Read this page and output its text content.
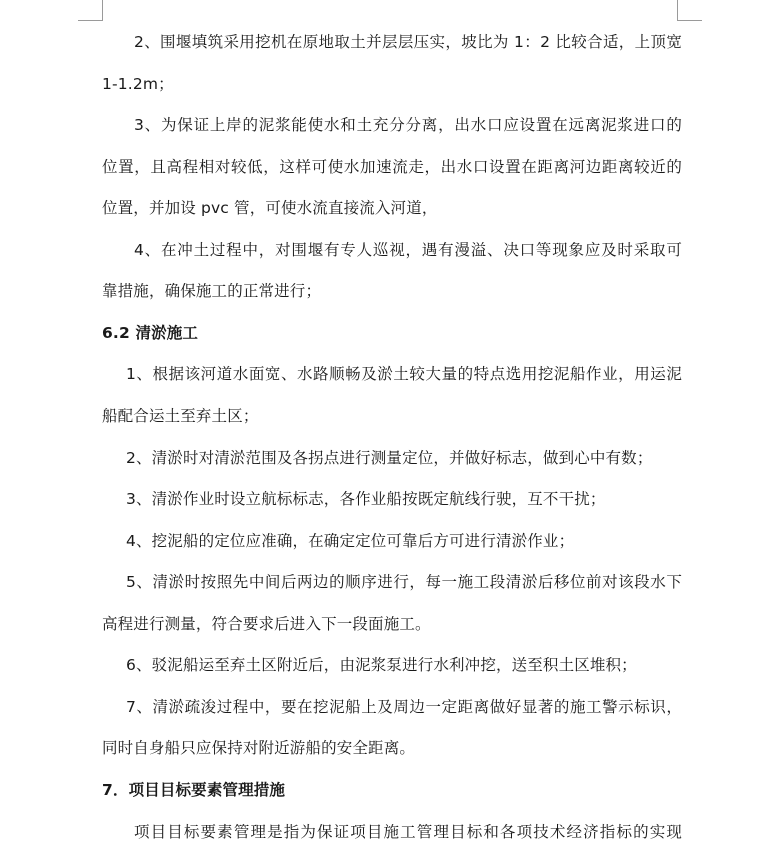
2、围堰填筑采用挖机在原地取土并层层压实，坡比为 1：2 比较合适，上顶宽
1-1.2m；
3、为保证上岸的泥浆能使水和土充分分离，出水口应设置在远离泥浆进口的
位置，且高程相对较低，这样可使水加速流走，出水口设置在距离河边距离较近的
位置，并加设 pvc 管，可使水流直接流入河道，
4、在冲土过程中，对围堰有专人巡视，遇有漫溢、决口等现象应及时采取可
靠措施，确保施工的正常进行；
6.2 清淤施工
1、根据该河道水面宽、水路顺畅及淤土较大量的特点选用挖泥船作业，用运泥
船配合运土至弃土区；
2、清淤时对清淤范围及各拐点进行测量定位，并做好标志，做到心中有数；
3、清淤作业时设立航标标志，各作业船按既定航线行驶，互不干扰；
4、挖泥船的定位应准确，在确定定位可靠后方可进行清淤作业；
5、清淤时按照先中间后两边的顺序进行，每一施工段清淤后移位前对该段水下
高程进行测量，符合要求后进入下一段面施工。
6、驳泥船运至弃土区附近后，由泥浆泵进行水利冲挖，送至积土区堆积；
7、清淤疏浚过程中，要在挖泥船上及周边一定距离做好显著的施工警示标识，
同时自身船只应保持对附近游船的安全距离。
7．项目目标要素管理措施
项目目标要素管理是指为保证项目施工管理目标和各项技术经济指标的实现
